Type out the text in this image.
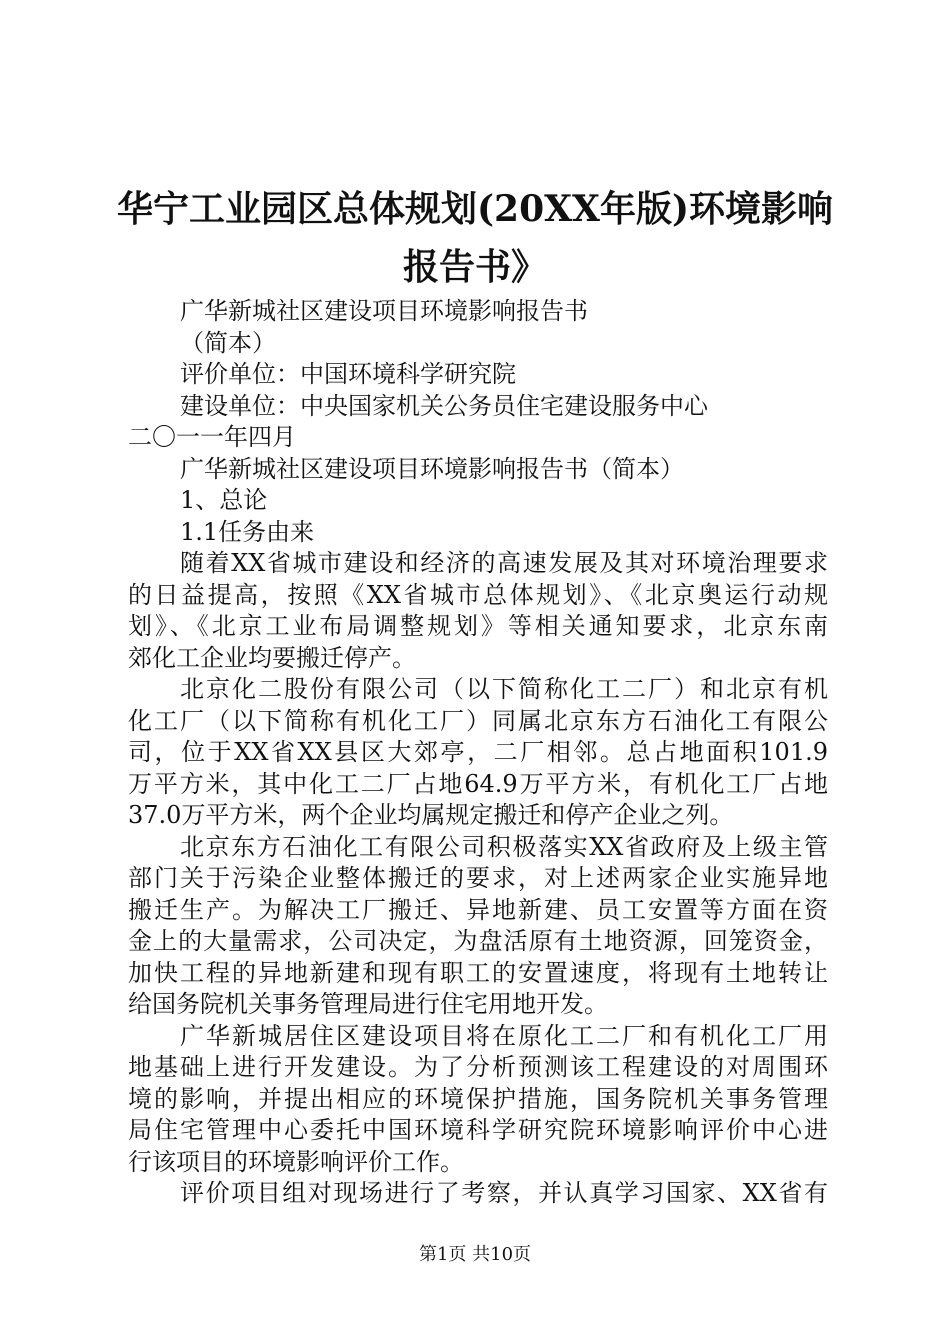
华宁工业园区总体规划(20XX年版)环境影响
报告书》
广华新城社区建设项目环境影响报告书
（简本）
评价单位：中国环境科学研究院
建设单位：中央国家机关公务员住宅建设服务中心
二〇一一年四月
广华新城社区建设项目环境影响报告书（简本）
1、总论
1.1任务由来
随着XX省城市建设和经济的高速发展及其对环境治理要求
的日益提高，按照《XX省城市总体规划》、《北京奥运行动规
划》、《北京工业布局调整规划》等相关通知要求，北京东南
郊化工企业均要搬迁停产。
北京化二股份有限公司（以下简称化工二厂）和北京有机
化工厂（以下简称有机化工厂）同属北京东方石油化工有限公
司，位于XX省XX县区大郊亭，二厂相邻。总占地面积101.9
万平方米，其中化工二厂占地64.9万平方米，有机化工厂占地
37.0万平方米，两个企业均属规定搬迁和停产企业之列。
北京东方石油化工有限公司积极落实XX省政府及上级主管
部门关于污染企业整体搬迁的要求，对上述两家企业实施异地
搬迁生产。为解决工厂搬迁、异地新建、员工安置等方面在资
金上的大量需求，公司决定，为盘活原有土地资源，回笼资金，
加快工程的异地新建和现有职工的安置速度，将现有土地转让
给国务院机关事务管理局进行住宅用地开发。
广华新城居住区建设项目将在原化工二厂和有机化工厂用
地基础上进行开发建设。为了分析预测该工程建设的对周围环
境的影响，并提出相应的环境保护措施，国务院机关事务管理
局住宅管理中心委托中国环境科学研究院环境影响评价中心进
行该项目的环境影响评价工作。
评价项目组对现场进行了考察，并认真学习国家、XX省有
第1页 共10页
